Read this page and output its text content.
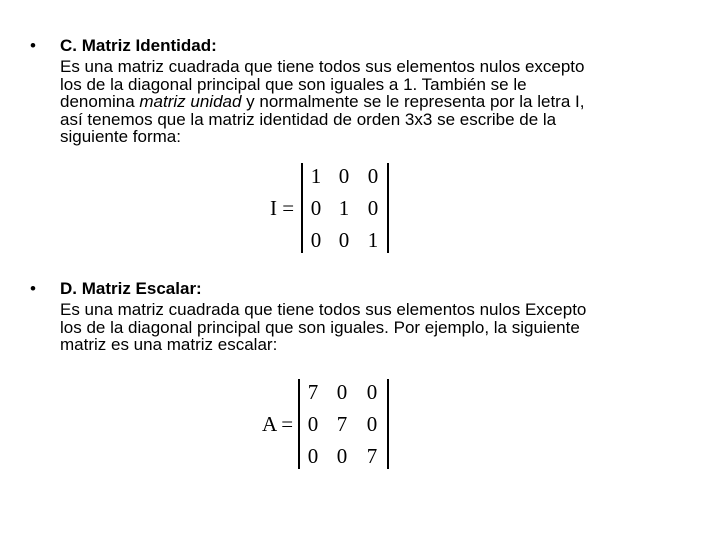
• C. Matriz Identidad:

Es una matriz cuadrada que tiene todos sus elementos nulos excepto

los de la diagonal principal que son iguales a 1. También se le

denomina matriz unidad y normalmente se le representa por la letra I,

así tenemos que la matriz identidad de orden 3x3 se escribe de la

siguiente forma:

I =
1 0 0
0 1 0
0 0 1
• D. Matriz Escalar:

Es una matriz cuadrada que tiene todos sus elementos nulos Excepto

los de la diagonal principal que son iguales. Por ejemplo, la siguiente

matriz es una matriz escalar:

A =
7 0 0
0 7 0
0 0 7
